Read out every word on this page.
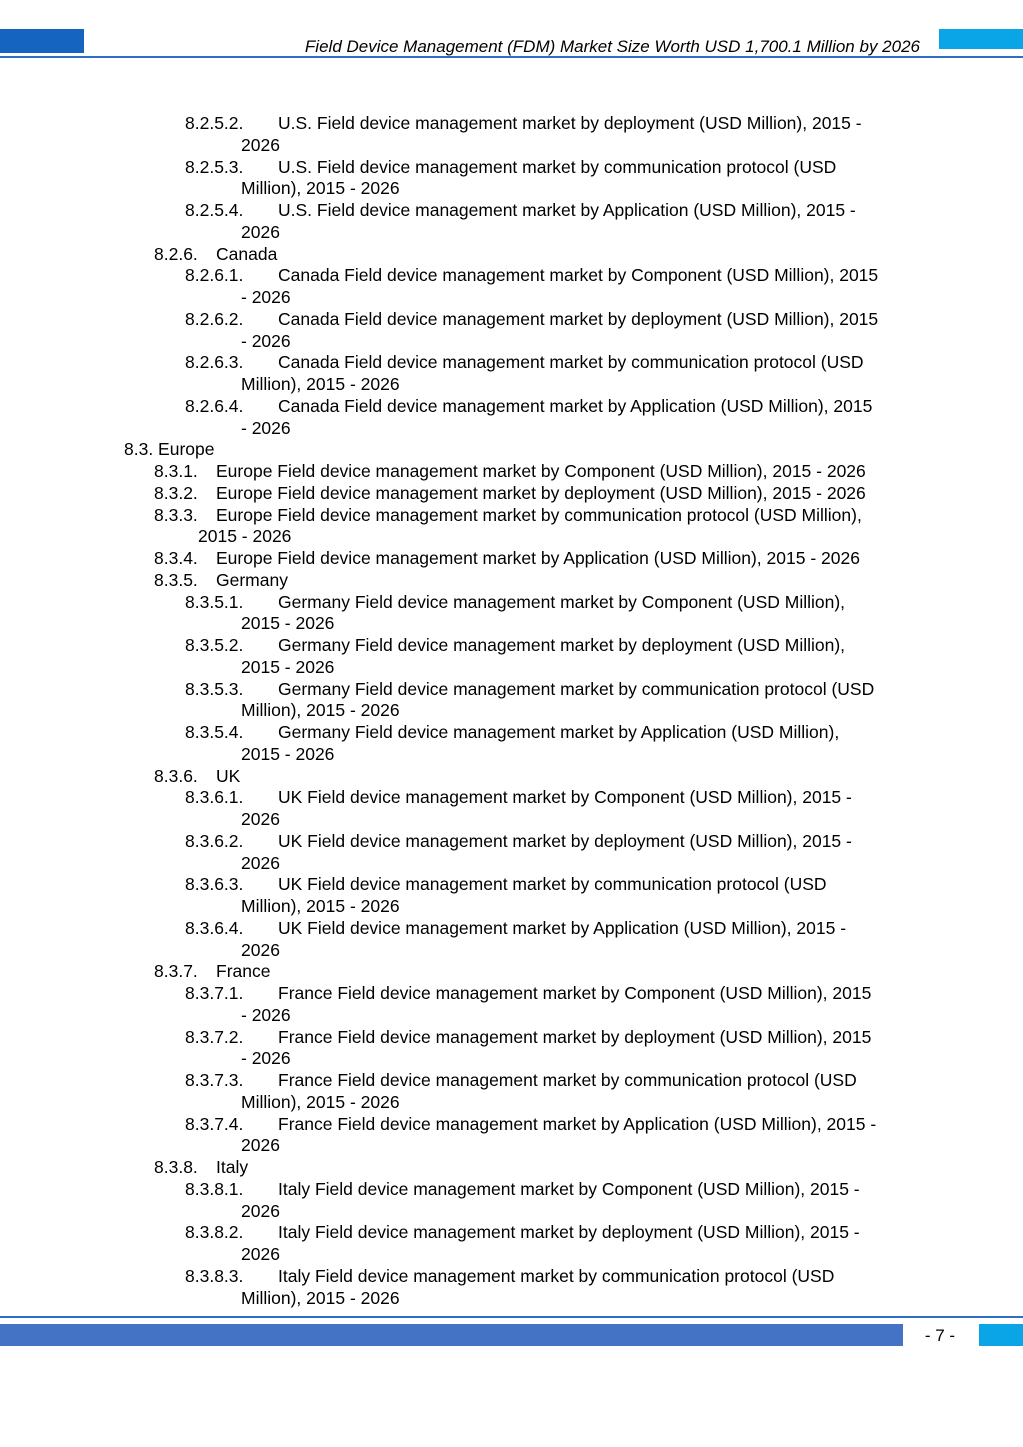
Field Device Management (FDM) Market Size Worth USD 1,700.1 Million by 2026
8.2.5.2. U.S. Field device management market by deployment (USD Million), 2015 -
2026
8.2.5.3. U.S. Field device management market by communication protocol (USD
Million), 2015 - 2026
8.2.5.4. U.S. Field device management market by Application (USD Million), 2015 -
2026
8.2.6. Canada
8.2.6.1. Canada Field device management market by Component (USD Million), 2015
- 2026
8.2.6.2. Canada Field device management market by deployment (USD Million), 2015
- 2026
8.2.6.3. Canada Field device management market by communication protocol (USD
Million), 2015 - 2026
8.2.6.4. Canada Field device management market by Application (USD Million), 2015
- 2026
8.3. Europe
8.3.1. Europe Field device management market by Component (USD Million), 2015 - 2026
8.3.2. Europe Field device management market by deployment (USD Million), 2015 - 2026
8.3.3. Europe Field device management market by communication protocol (USD Million),
2015 - 2026
8.3.4. Europe Field device management market by Application (USD Million), 2015 - 2026
8.3.5. Germany
8.3.5.1. Germany Field device management market by Component (USD Million),
2015 - 2026
8.3.5.2. Germany Field device management market by deployment (USD Million),
2015 - 2026
8.3.5.3. Germany Field device management market by communication protocol (USD
Million), 2015 - 2026
8.3.5.4. Germany Field device management market by Application (USD Million),
2015 - 2026
8.3.6. UK
8.3.6.1. UK Field device management market by Component (USD Million), 2015 -
2026
8.3.6.2. UK Field device management market by deployment (USD Million), 2015 -
2026
8.3.6.3. UK Field device management market by communication protocol (USD
Million), 2015 - 2026
8.3.6.4. UK Field device management market by Application (USD Million), 2015 -
2026
8.3.7. France
8.3.7.1. France Field device management market by Component (USD Million), 2015
- 2026
8.3.7.2. France Field device management market by deployment (USD Million), 2015
- 2026
8.3.7.3. France Field device management market by communication protocol (USD
Million), 2015 - 2026
8.3.7.4. France Field device management market by Application (USD Million), 2015 -
2026
8.3.8. Italy
8.3.8.1. Italy Field device management market by Component (USD Million), 2015 -
2026
8.3.8.2. Italy Field device management market by deployment (USD Million), 2015 -
2026
8.3.8.3. Italy Field device management market by communication protocol (USD
Million), 2015 - 2026
- 7 -
